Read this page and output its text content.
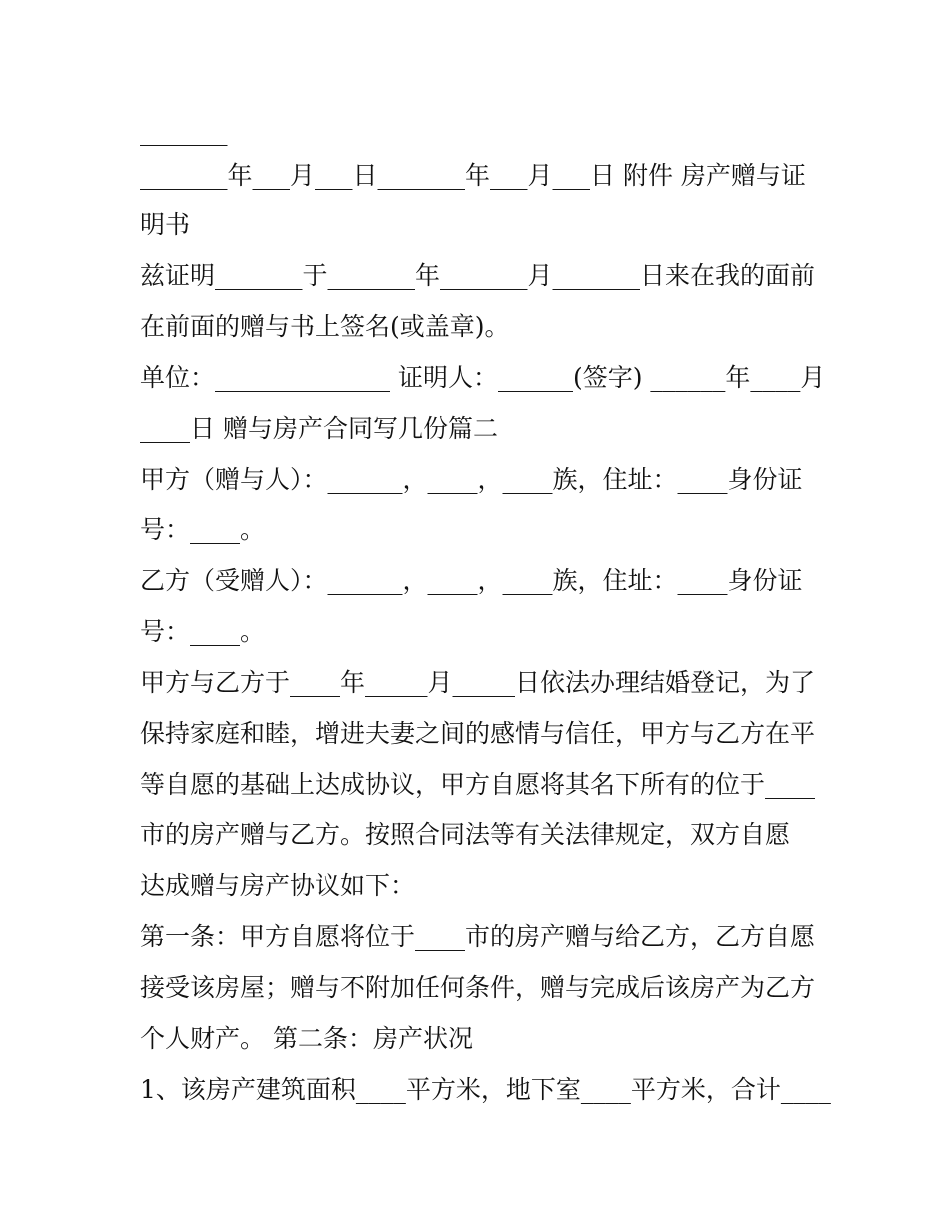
_______
_______年___月___日_______年___月___日 附件 房产赠与证
明书
兹证明_______于_______年_______月_______日来在我的面前
在前面的赠与书上签名(或盖章)。
单位：______________ 证明人：______(签字) ______年____月
____日 赠与房产合同写几份篇二
甲方（赠与人）：______，____，____族，住址：____身份证
号：____。
乙方（受赠人）：______，____，____族，住址：____身份证
号：____。
甲方与乙方于____年_____月_____日依法办理结婚登记，为了
保持家庭和睦，增进夫妻之间的感情与信任，甲方与乙方在平
等自愿的基础上达成协议，甲方自愿将其名下所有的位于____
市的房产赠与乙方。按照合同法等有关法律规定，双方自愿
达成赠与房产协议如下：
第一条：甲方自愿将位于____市的房产赠与给乙方，乙方自愿
接受该房屋；赠与不附加任何条件，赠与完成后该房产为乙方
个人财产。 第二条：房产状况
1、该房产建筑面积____平方米，地下室____平方米，合计____
